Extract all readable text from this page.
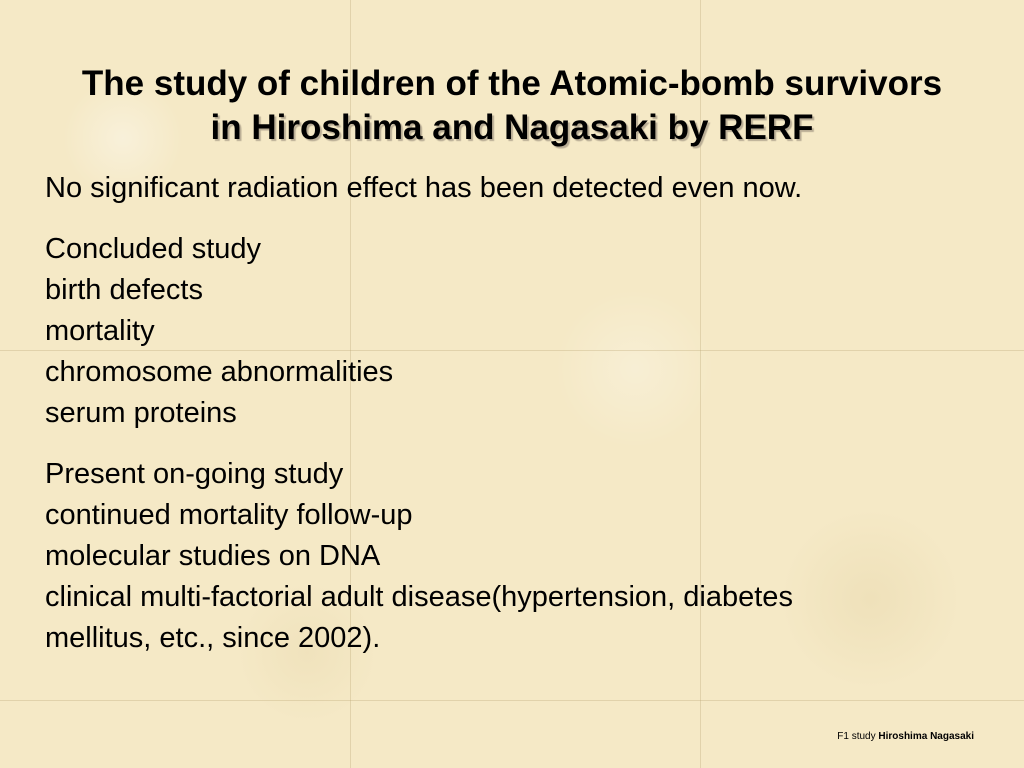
The study of children of the Atomic-bomb survivors
in Hiroshima and Nagasaki by RERF
No significant radiation effect has been detected even now.
Concluded study
birth defects
mortality
chromosome abnormalities
serum proteins
Present on-going study
continued mortality follow-up
molecular studies on DNA
clinical multi-factorial adult disease(hypertension, diabetes
mellitus, etc., since 2002).
F1 study Hiroshima Nagasaki
